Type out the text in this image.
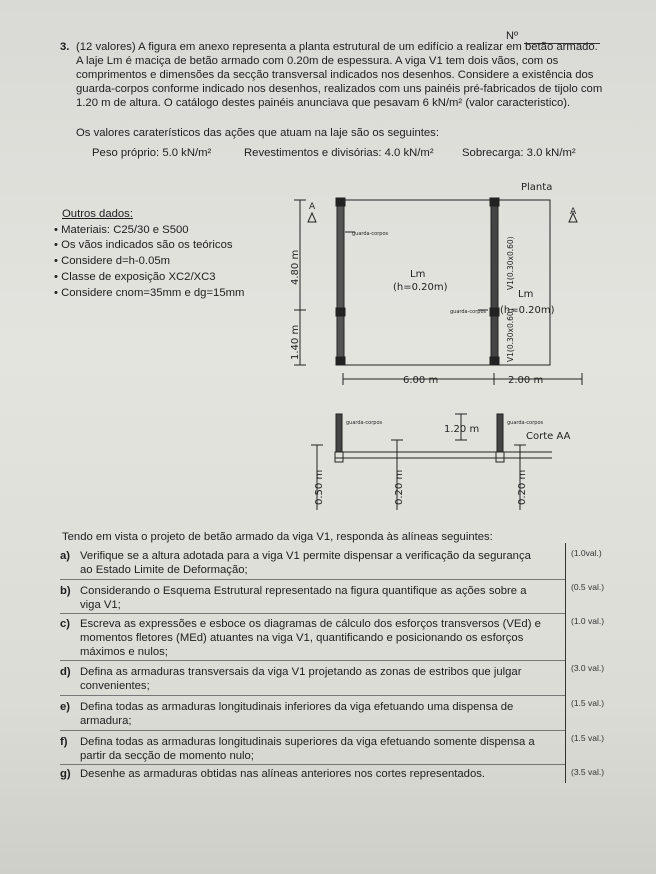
Nº
3. (12 valores) A figura em anexo representa a planta estrutural de um edifício a realizar em betão armado.
A laje Lm é maciça de betão armado com 0.20m de espessura. A viga V1 tem dois vãos, com os
comprimentos e dimensões da secção transversal indicados nos desenhos. Considere a existência dos
guarda-corpos conforme indicado nos desenhos, realizados com uns painéis pré-fabricados de tijolo com
1.20 m de altura. O catálogo destes painéis anunciava que pesavam 6 kN/m² (valor caracteristico).
Os valores caraterísticos das ações que atuam na laje são os seguintes:
Peso próprio: 5.0 kN/m²	Revestimentos e divisórias: 4.0 kN/m²	Sobrecarga: 3.0 kN/m²
Outros dados:
• Materiais: C25/30 e S500
• Os vãos indicados são os teóricos
• Considere d=h-0.05m
• Classe de exposição XC2/XC3
• Considere cnom=35mm e dg=15mm
Planta
A	A
4.80 m
1.40 m
6.00 m	2.00 m
Lm
(h=0.20m)
Lm
(h=0.20m)
V1(0.30x0.60)
V1(0.30x0.60)
guarda-corpos
guarda-corpos
Corte AA
guarda-corpos	guarda-corpos
1.20 m
0.50 m	0.20 m	0.20 m
Tendo em vista o projeto de betão armado da viga V1, responda às alíneas seguintes:
a) Verifique se a altura adotada para a viga V1 permite dispensar a verificação da segurança
ao Estado Limite de Deformação;
(1.0val.)
b) Considerando o Esquema Estrutural representado na figura quantifique as ações sobre a
viga V1;
(0.5 val.)
c) Escreva as expressões e esboce os diagramas de cálculo dos esforços transversos (VEd) e
momentos fletores (MEd) atuantes na viga V1, quantificando e posicionando os esforços
máximos e nulos;
(1.0 val.)
d) Defina as armaduras transversais da viga V1 projetando as zonas de estribos que julgar
convenientes;
(3.0 val.)
e) Defina todas as armaduras longitudinais inferiores da viga efetuando uma dispensa de
armadura;
(1.5 val.)
f) Defina todas as armaduras longitudinais superiores da viga efetuando somente dispensa a
partir da secção de momento nulo;
(1.5 val.)
g) Desenhe as armaduras obtidas nas alíneas anteriores nos cortes representados.	(3.5 val.)
